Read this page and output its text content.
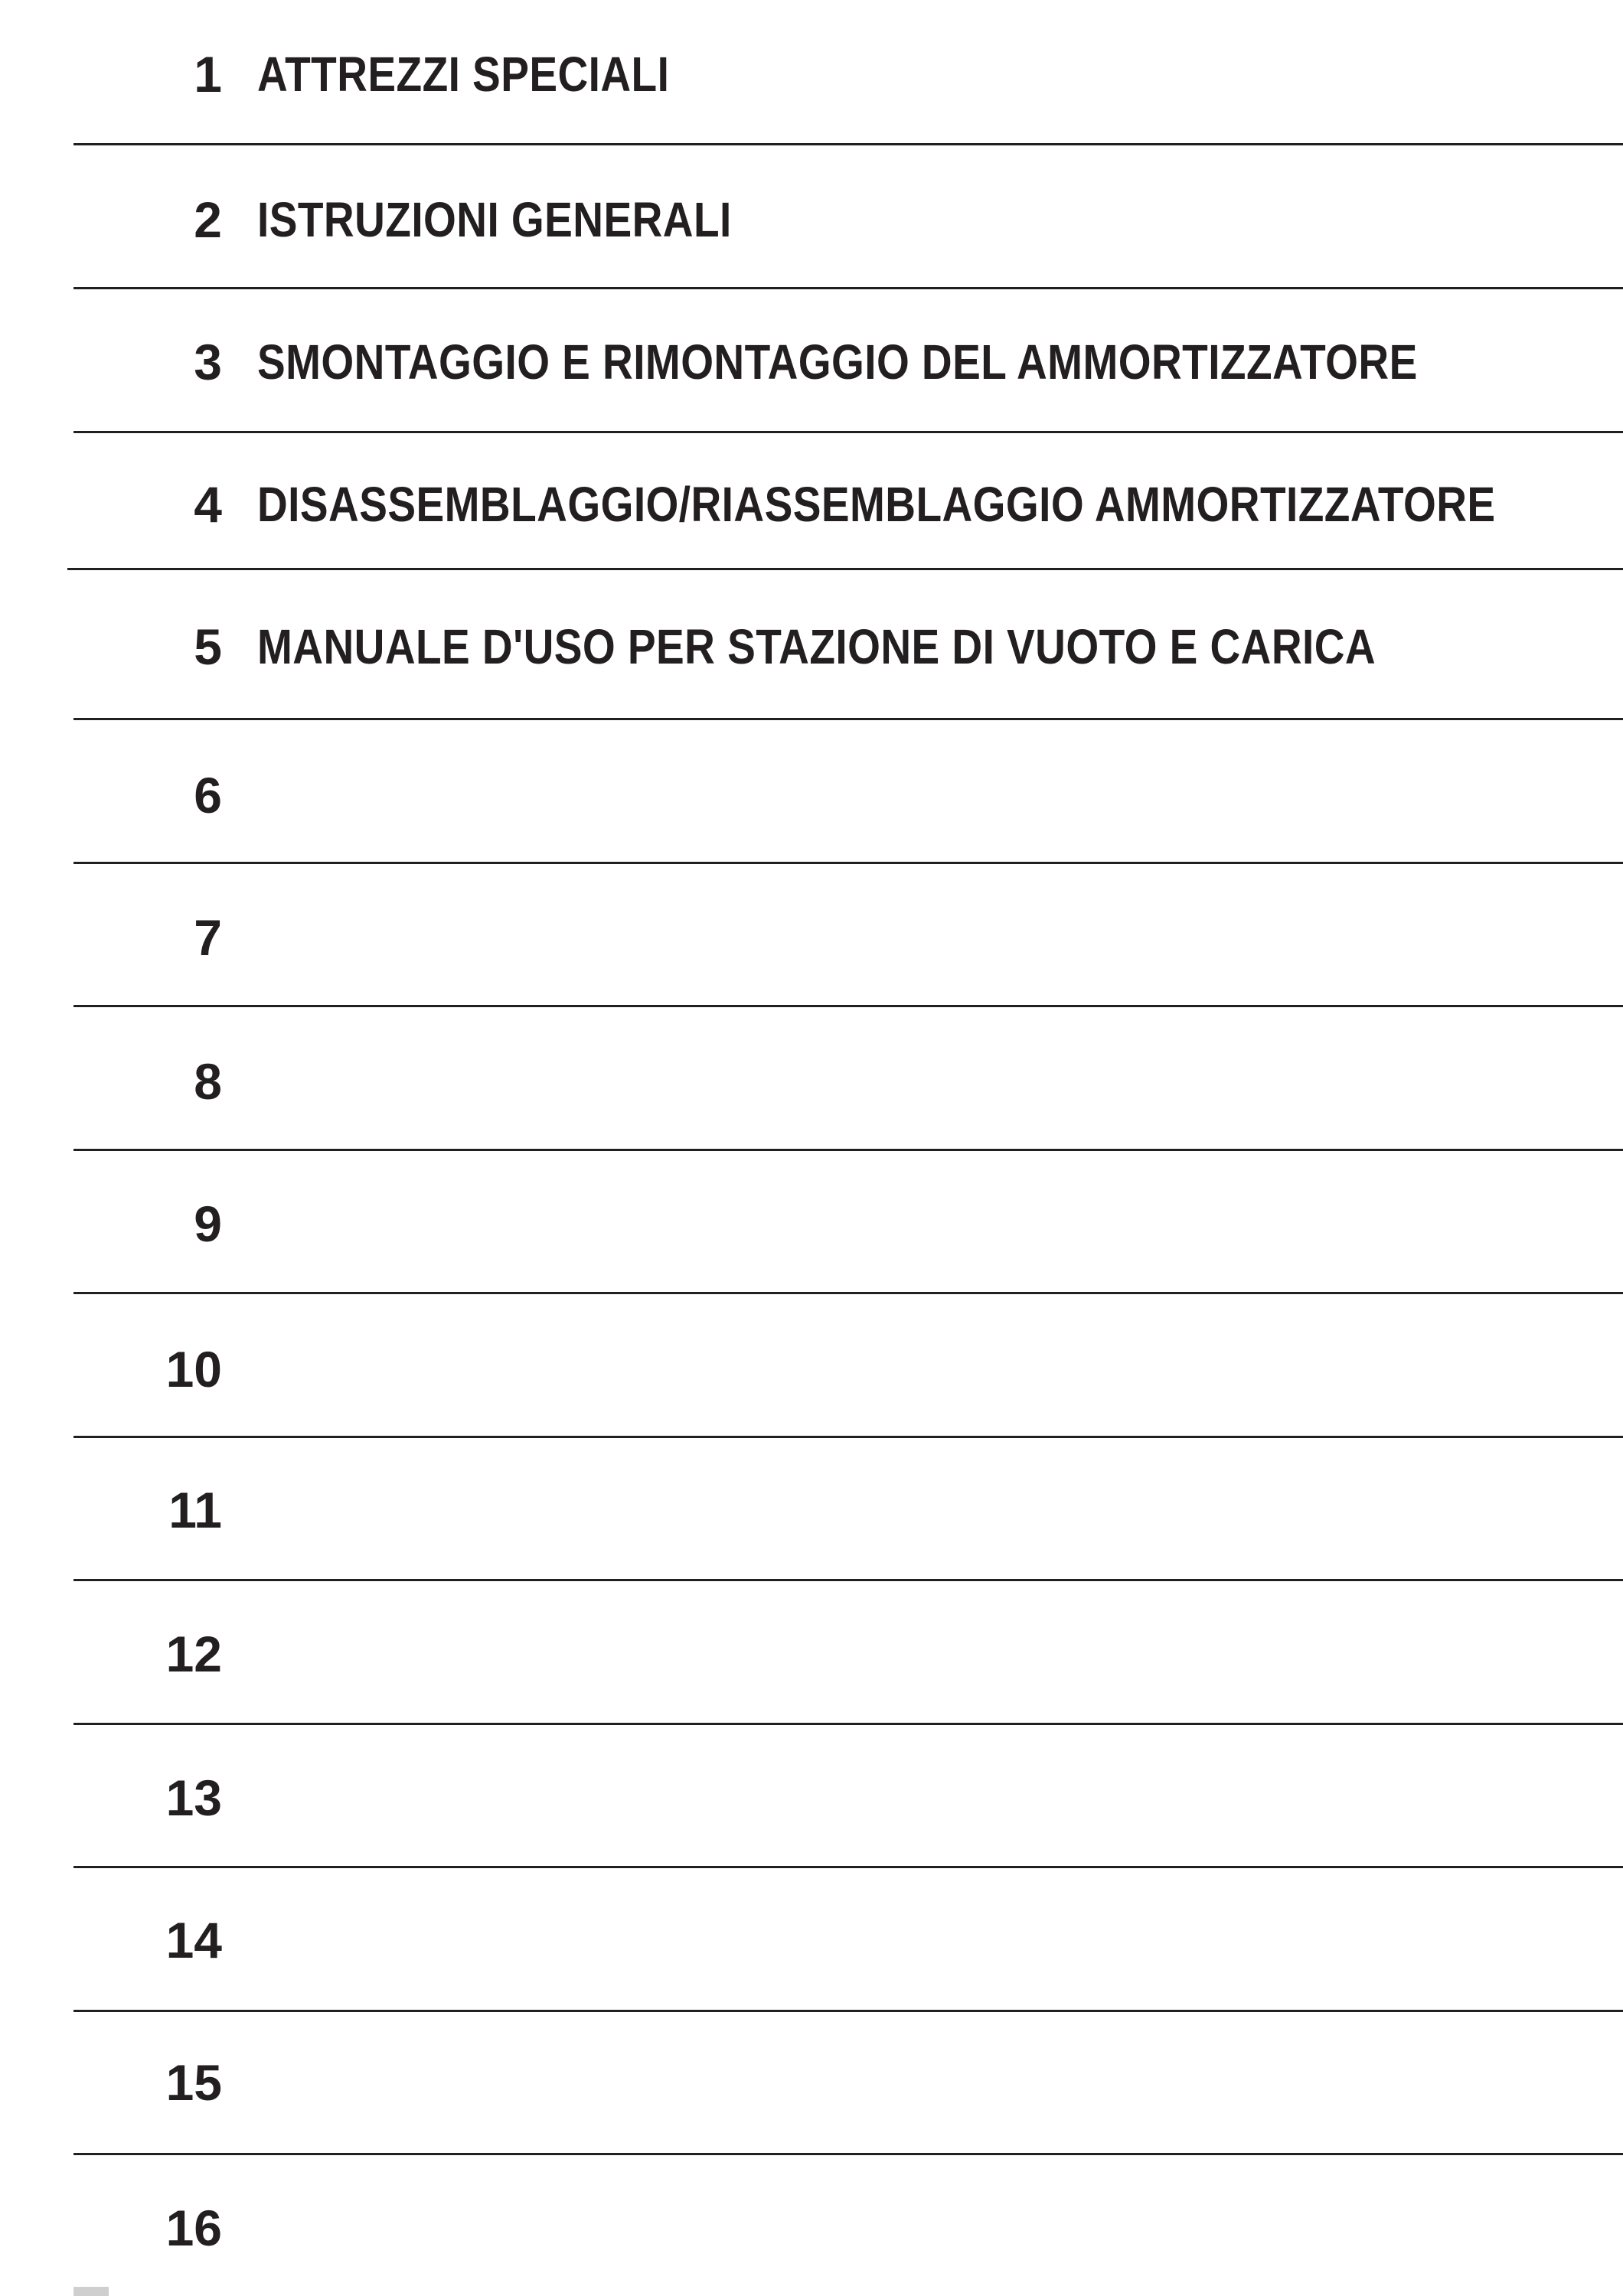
1 ATTREZZI SPECIALI
2 ISTRUZIONI GENERALI
3 SMONTAGGIO E RIMONTAGGIO DEL AMMORTIZZATORE
4 DISASSEMBLAGGIO/RIASSEMBLAGGIO AMMORTIZZATORE
5 MANUALE D'USO PER STAZIONE DI VUOTO E CARICA
6
7
8
9
10
11
12
13
14
15
16
